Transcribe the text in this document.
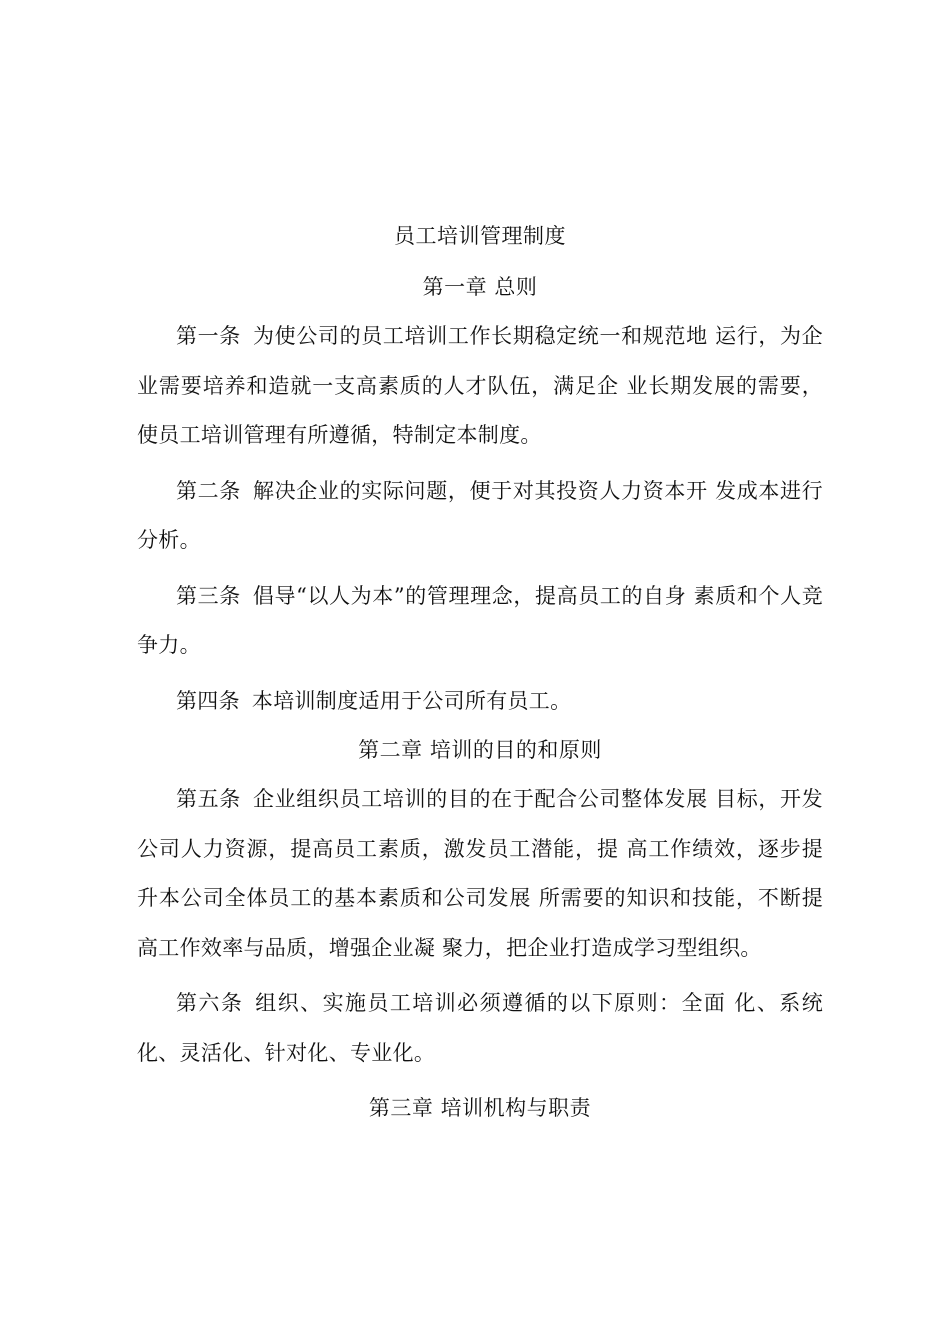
员工培训管理制度
第一章 总则

第一条 为使公司的员工培训工作长期稳定统一和规范地 运行，为企业需要培养和造就一支高素质的人才队伍，满足企 业长期发展的需要，使员工培训管理有所遵循，特制定本制度。

第二条 解决企业的实际问题，便于对其投资人力资本开 发成本进行分析。

第三条 倡导“以人为本”的管理理念，提高员工的自身 素质和个人竞争力。

第四条 本培训制度适用于公司所有员工。

第二章 培训的目的和原则

第五条 企业组织员工培训的目的在于配合公司整体发展 目标，开发公司人力资源，提高员工素质，激发员工潜能，提 高工作绩效，逐步提升本公司全体员工的基本素质和公司发展 所需要的知识和技能，不断提高工作效率与品质，增强企业凝 聚力，把企业打造成学习型组织。

第六条 组织、实施员工培训必须遵循的以下原则：全面 化、系统化、灵活化、针对化、专业化。

第三章 培训机构与职责
